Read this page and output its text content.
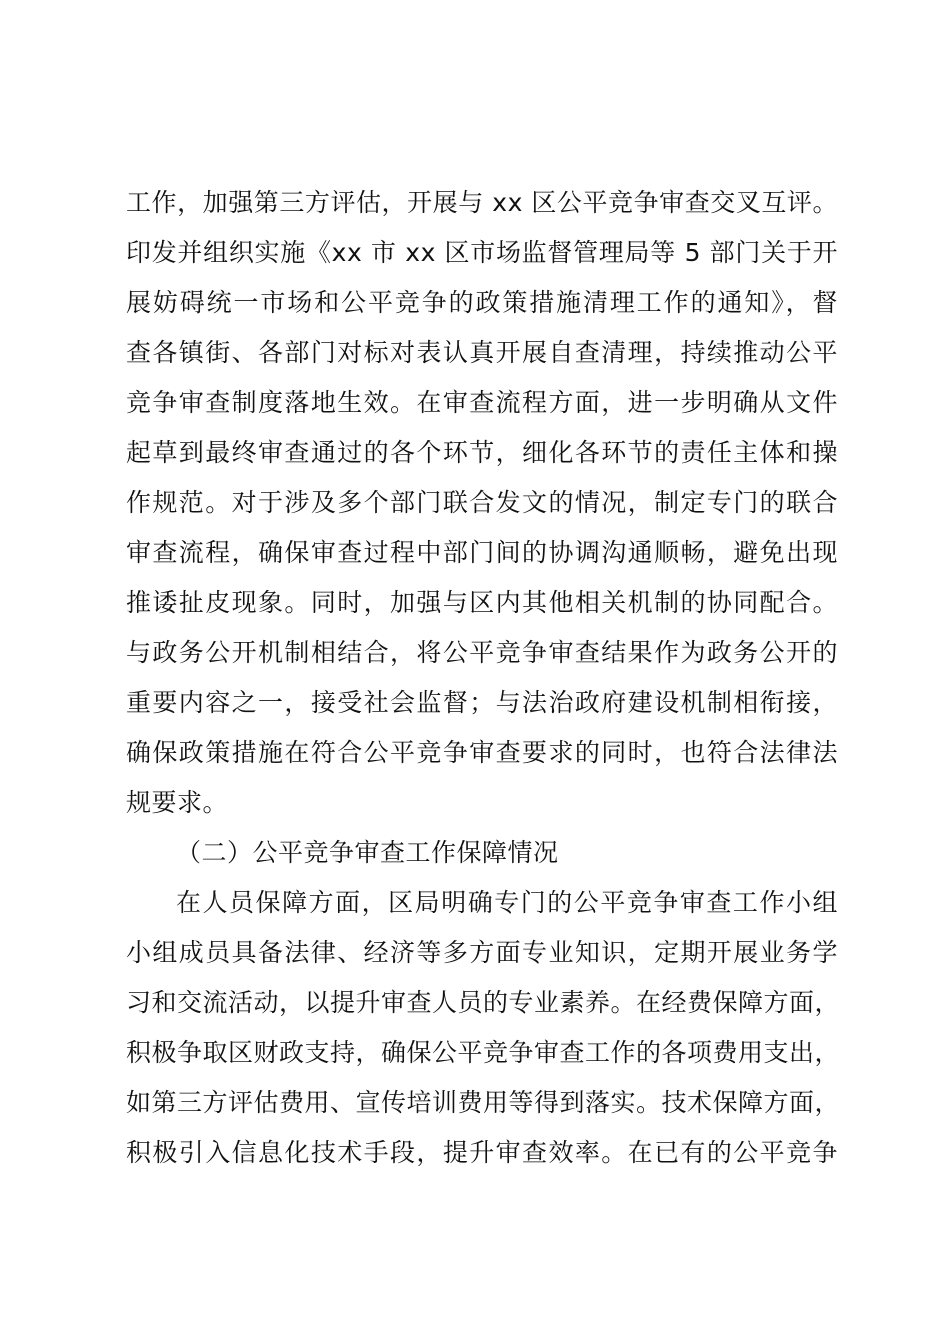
工作，加强第三方评估，开展与 xx 区公平竞争审查交叉互评。
印发并组织实施《xx 市 xx 区市场监督管理局等 5 部门关于开
展妨碍统一市场和公平竞争的政策措施清理工作的通知》，督
查各镇街、各部门对标对表认真开展自查清理，持续推动公平
竞争审查制度落地生效。在审查流程方面，进一步明确从文件
起草到最终审查通过的各个环节，细化各环节的责任主体和操
作规范。对于涉及多个部门联合发文的情况，制定专门的联合
审查流程，确保审查过程中部门间的协调沟通顺畅，避免出现
推诿扯皮现象。同时，加强与区内其他相关机制的协同配合。
与政务公开机制相结合，将公平竞争审查结果作为政务公开的
重要内容之一，接受社会监督；与法治政府建设机制相衔接，
确保政策措施在符合公平竞争审查要求的同时，也符合法律法
规要求。
（二）公平竞争审查工作保障情况
在人员保障方面，区局明确专门的公平竞争审查工作小组
小组成员具备法律、经济等多方面专业知识，定期开展业务学
习和交流活动，以提升审查人员的专业素养。在经费保障方面，
积极争取区财政支持，确保公平竞争审查工作的各项费用支出，
如第三方评估费用、宣传培训费用等得到落实。技术保障方面，
积极引入信息化技术手段，提升审查效率。在已有的公平竞争
